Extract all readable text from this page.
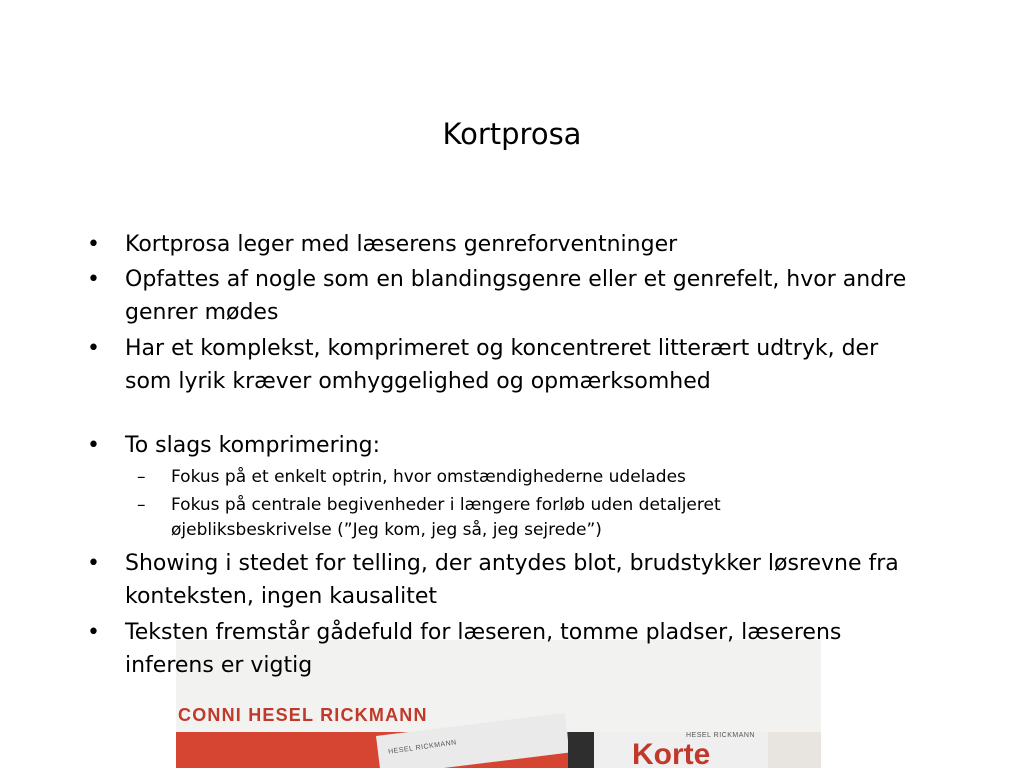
Kortprosa
CONNI HESEL RICKMANN
HESEL RICKMANN
HESEL RICKMANN
Korte

• Kortprosa leger med læserens genreforventninger

• Opfattes af nogle som en blandingsgenre eller et genrefelt, hvor andre genrer mødes

• Har et komplekst, komprimeret og koncentreret litterært udtryk, der som lyrik kræver omhyggelighed og opmærksomhed

• To slags komprimering:

– Fokus på et enkelt optrin, hvor omstændighederne udelades

– Fokus på centrale begivenheder i længere forløb uden detaljeret øjebliksbeskrivelse (”Jeg kom, jeg så, jeg sejrede”)

• Showing i stedet for telling, der antydes blot, brudstykker løsrevne fra konteksten, ingen kausalitet

• Teksten fremstår gådefuld for læseren, tomme pladser, læserens inferens er vigtig
